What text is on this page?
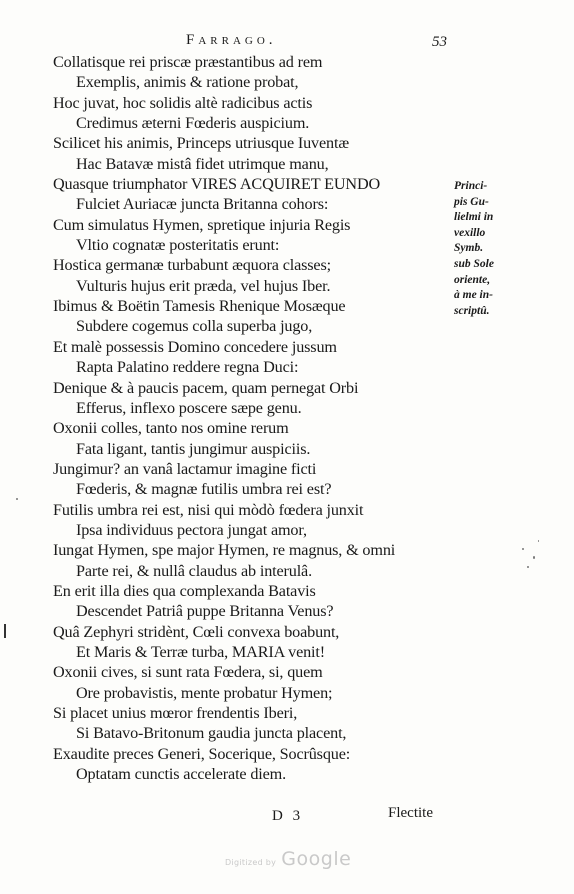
Farrago.	53
Collatisque rei priscæ præstantibus ad rem
Exemplis, animis & ratione probat,
Hoc juvat, hoc solidis altè radicibus actis
Credimus æterni Fœderis auspicium.
Scilicet his animis, Princeps utriusque Iuventæ
Hac Batavæ mistâ fidet utrimque manu,
Quasque triumphator VIRES ACQUIRET EUNDO
Fulciet Auriacæ juncta Britanna cohors:
Cum simulatus Hymen, spretique injuria Regis
Vltio cognatæ posteritatis erunt:
Hostica germanæ turbabunt æquora classes;
Vulturis hujus erit præda, vel hujus Iber.
Ibimus & Boëtin Tamesis Rhenique Mosæque
Subdere cogemus colla superba jugo,
Et malè possessis Domino concedere jussum
Rapta Palatino reddere regna Duci:
Denique & à paucis pacem, quam pernegat Orbi
Efferus, inflexo poscere sæpe genu.
Oxonii colles, tanto nos omine rerum
Fata ligant, tantis jungimur auspiciis.
Jungimur? an vanâ lactamur imagine ficti
Fœderis, & magnæ futilis umbra rei est?
Futilis umbra rei est, nisi qui mòdò fœdera junxit
Ipsa individuus pectora jungat amor,
Iungat Hymen, spe major Hymen, re magnus, & omni
Parte rei, & nullâ claudus ab interulâ.
En erit illa dies qua complexanda Batavis
Descendet Patriâ puppe Britanna Venus?
Quâ Zephyri stridènt, Cœli convexa boabunt,
Et Maris & Terræ turba, MARIA venit!
Oxonii cives, si sunt rata Fœdera, si, quem
Ore probavistis, mente probatur Hymen;
Si placet unius mœror frendentis Iberi,
Si Batavo-Britonum gaudia juncta placent,
Exaudite preces Generi, Socerique, Socrûsque:
Optatam cunctis accelerate diem.
Princi-
pis Gu-
lielmi in
vexillo
Symb.
sub Sole
oriente,
à me in-
scriptû.
D 3	Flectite
Digitized by Google
